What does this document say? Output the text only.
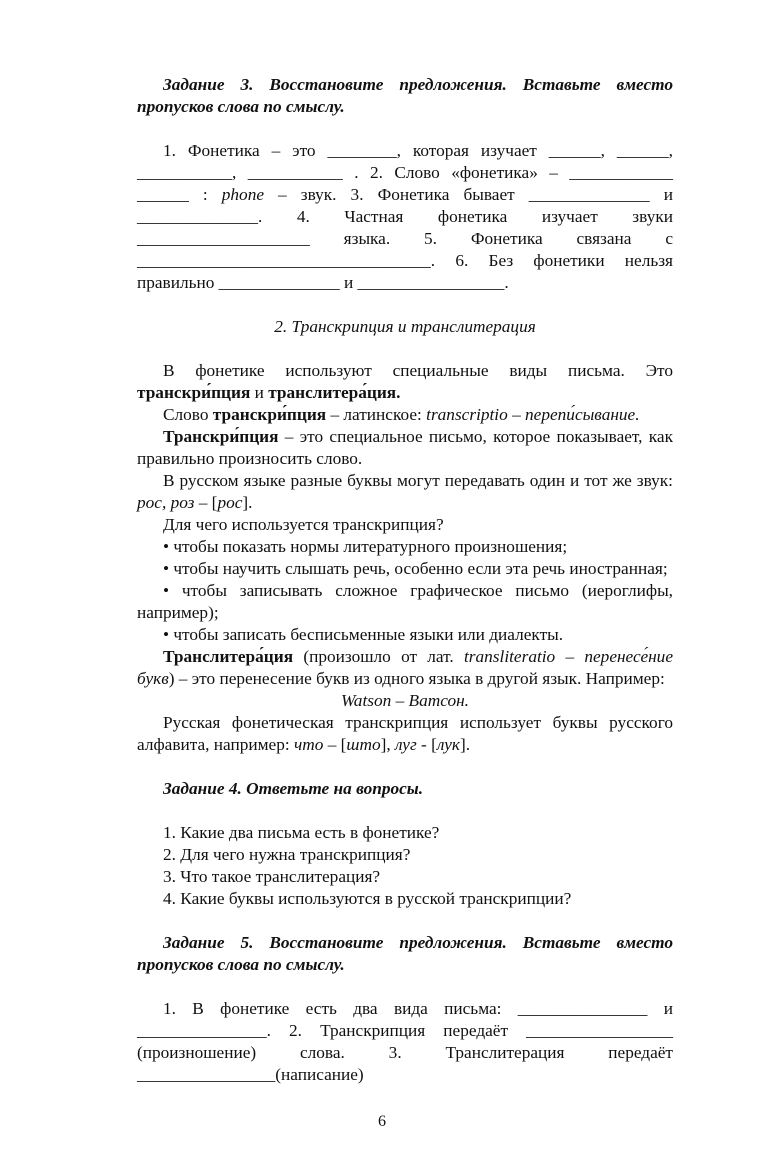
Задание 3. Восстановите предложения. Вставьте вместо пропусков слова по смыслу.

1. Фонетика – это ________, которая изучает ______, ______, ___________, ___________ . 2. Слово «фонетика» – ____________ ______ : phone – звук. 3. Фонетика бывает ______________ и ______________. 4. Частная фонетика изучает звуки ____________________ языка. 5. Фонетика связана с __________________________________. 6. Без фонетики нельзя правильно ______________ и _________________.

2. Транскрипция и транслитерация

В фонетике используют специальные виды письма. Это транскри́пция и транслитера́ция.

Слово транскри́пция – латинское: transcriptio – перепи́сывание.

Транскри́пция – это специальное письмо, которое показывает, как правильно произносить слово.

В русском языке разные буквы могут передавать один и тот же звук: рос, роз – [рос].

Для чего используется транскрипция?

• чтобы показать нормы литературного произношения;

• чтобы научить слышать речь, особенно если эта речь иностранная;

• чтобы записывать сложное графическое письмо (иероглифы, например);

• чтобы записать бесписьменные языки или диалекты.

Транслитера́ция (произошло от лат. transliteratio – перенесе́ние букв) – это перенесение букв из одного языка в другой язык. Например:

Watson – Ватсон.

Русская фонетическая транскрипция использует буквы русского алфавита, например: что – [што], луг - [лук].

Задание 4. Ответьте на вопросы.

1. Какие два письма есть в фонетике?

2. Для чего нужна транскрипция?

3. Что такое транслитерация?

4. Какие буквы используются в русской транскрипции?

Задание 5. Восстановите предложения. Вставьте вместо пропусков слова по смыслу.

1. В фонетике есть два вида письма: _______________ и _______________. 2. Транскрипция передаёт _________________ (произношение) слова. 3. Транслитерация передаёт ________________(написание)

6
